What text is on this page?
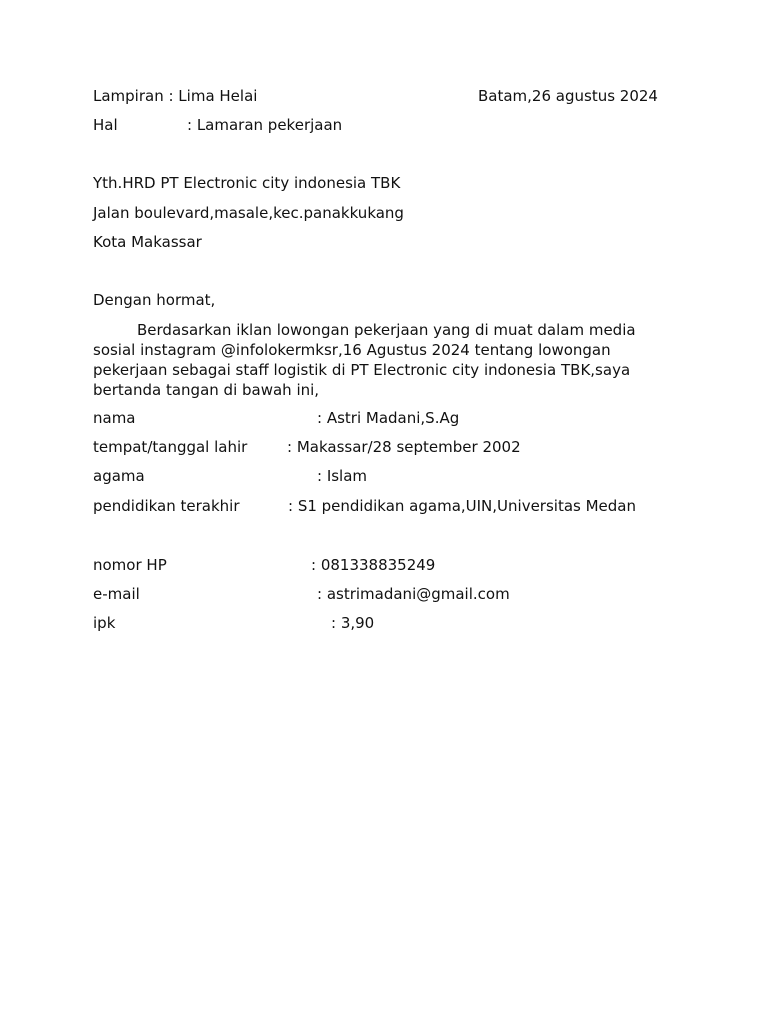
Lampiran : Lima Helai	Batam,26 agustus 2024
Hal	: Lamaran pekerjaan
Yth.HRD PT Electronic city indonesia TBK
Jalan boulevard,masale,kec.panakkukang
Kota Makassar
Dengan hormat,
Berdasarkan iklan lowongan pekerjaan yang di muat dalam media sosial instagram @infolokermksr,16 Agustus 2024 tentang lowongan pekerjaan sebagai staff logistik di PT Electronic city indonesia TBK,saya bertanda tangan di bawah ini,
nama	: Astri Madani,S.Ag
tempat/tanggal lahir	: Makassar/28 september 2002
agama	: Islam
pendidikan terakhir	: S1 pendidikan agama,UIN,Universitas Medan
nomor HP	: 081338835249
e-mail	: astrimadani@gmail.com
ipk	: 3,90
